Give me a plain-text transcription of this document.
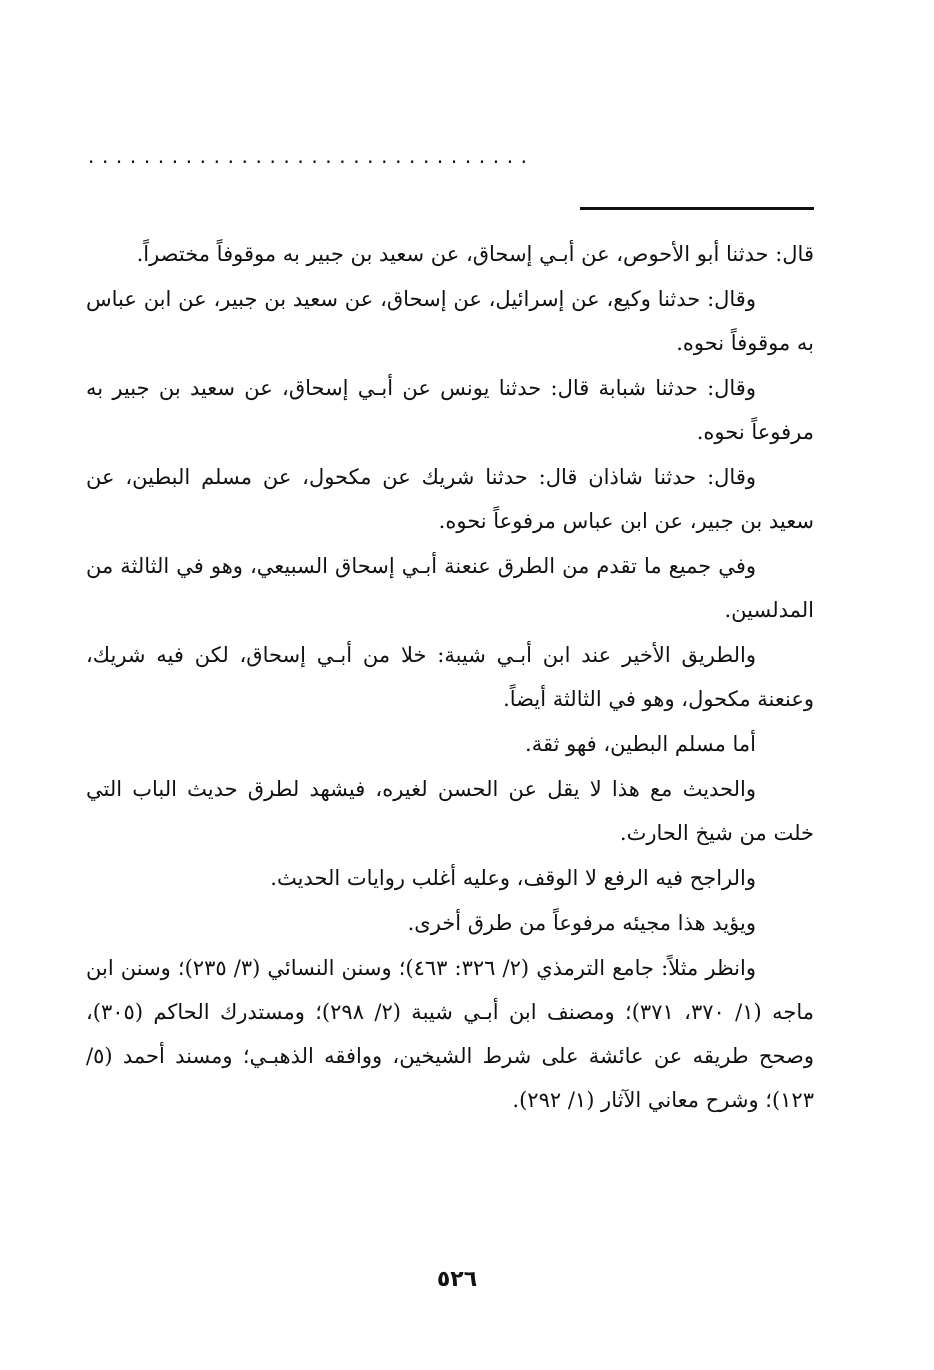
................................

قال: حدثنا أبو الأحوص، عن أبـي إسحاق، عن سعيد بن جبير به موقوفاً مختصراً.

وقال: حدثنا وكيع، عن إسرائيل، عن إسحاق، عن سعيد بن جبير، عن ابن عباس به موقوفاً نحوه.

وقال: حدثنا شبابة قال: حدثنا يونس عن أبـي إسحاق، عن سعيد بن جبير به مرفوعاً نحوه.

وقال: حدثنا شاذان قال: حدثنا شريك عن مكحول، عن مسلم البطين، عن سعيد بن جبير، عن ابن عباس مرفوعاً نحوه.

وفي جميع ما تقدم من الطرق عنعنة أبـي إسحاق السبيعي، وهو في الثالثة من المدلسين.

والطريق الأخير عند ابن أبـي شيبة: خلا من أبـي إسحاق، لكن فيه شريك، وعنعنة مكحول، وهو في الثالثة أيضاً.

أما مسلم البطين، فهو ثقة.

والحديث مع هذا لا يقل عن الحسن لغيره، فيشهد لطرق حديث الباب التي خلت من شيخ الحارث.

والراجح فيه الرفع لا الوقف، وعليه أغلب روايات الحديث.

ويؤيد هذا مجيئه مرفوعاً من طرق أخرى.

وانظر مثلاً: جامع الترمذي (٢/ ٣٢٦: ٤٦٣)؛ وسنن النسائي (٣/ ٢٣٥)؛ وسنن ابن ماجه (١/ ٣٧٠، ٣٧١)؛ ومصنف ابن أبـي شيبة (٢/ ٢٩٨)؛ ومستدرك الحاكم (٣٠٥)، وصحح طريقه عن عائشة على شرط الشيخين، ووافقه الذهبـي؛ ومسند أحمد (٥/ ١٢٣)؛ وشرح معاني الآثار (١/ ٢٩٢).

٥٢٦
